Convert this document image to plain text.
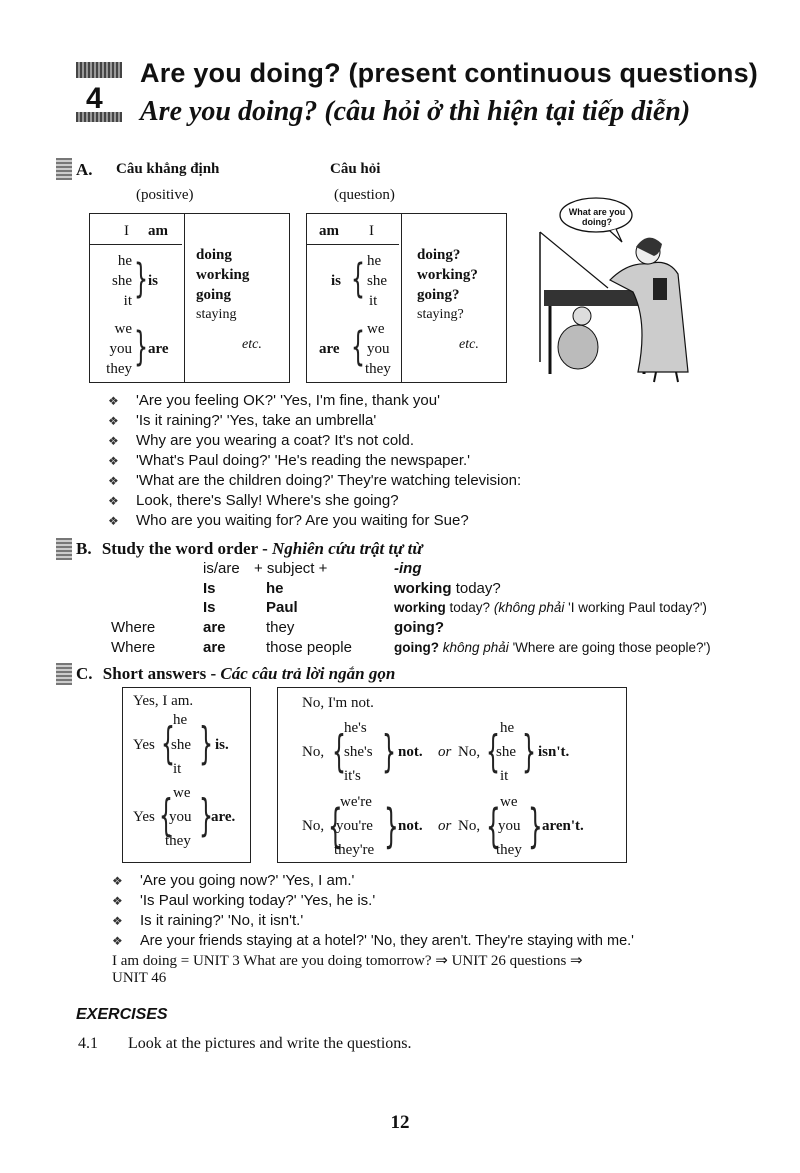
4
Are you doing? (present continuous questions)
Are you doing? (câu hỏi ở thì hiện tại tiếp diễn)
A. Câu khẳng định
(positive)
Câu hỏi
(question)
I am
he
she
it } is
we
you
they } are
doing
working
going
staying
etc.
am I
is { he
she
it
are { we
you
they
doing?
working?
going?
staying?
etc.
What are you doing?
❖ 'Are you feeling OK?' 'Yes, I'm fine, thank you'
❖ 'Is it raining?' 'Yes, take an umbrella'
❖ Why are you wearing a coat? It's not cold.
❖ 'What's Paul doing?' 'He's reading the newspaper.'
❖ 'What are the children doing?' They're watching television:
❖ Look, there's Sally! Where's she going?
❖ Who are you waiting for? Are you waiting for Sue?
B. Study the word order - Nghiên cứu trật tự từ
is/are + subject +	-ing
Is	he	working today?
Is	Paul	working today? (không phải 'I working Paul today?')
Where	are	they	going?
Where	are	those people	going? không phải 'Where are going those people?')
C. Short answers - Các câu trả lời ngắn gọn
Yes, I am.
Yes {
he
she
it } is.
Yes { we
you
they }
are.
No, I'm not.
No, {
he's
she's
it's } not. or No, { he
she
it } isn't.
No, {
we're
you're
they're } not. or No, { we
you
they } aren't.
❖ 'Are you going now?' 'Yes, I am.'
❖ 'Is Paul working today?' 'Yes, he is.'
❖ Is it raining?' 'No, it isn't.'
❖ Are your friends staying at a hotel?' 'No, they aren't. They're staying with me.'
I am doing = UNIT 3 What are you doing tomorrow? ⇒ UNIT 26 questions ⇒
UNIT 46
EXERCISES
4.1 Look at the pictures and write the questions.
12
